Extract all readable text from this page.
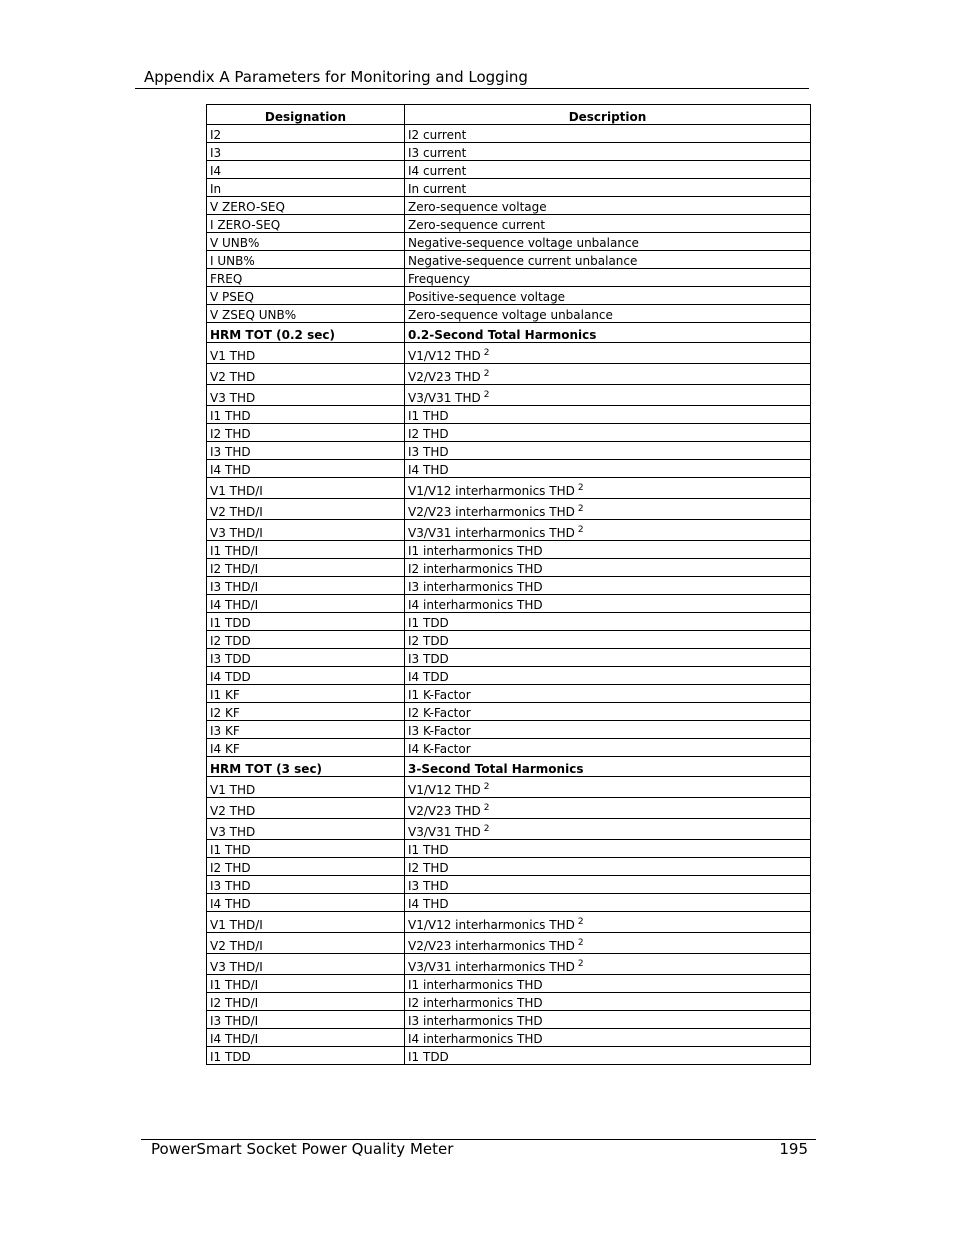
Appendix A Parameters for Monitoring and Logging
Designation	Description
I2	I2 current
I3	I3 current
I4	I4 current
In	In current
V ZERO-SEQ	Zero-sequence voltage
I ZERO-SEQ	Zero-sequence current
V UNB%	Negative-sequence voltage unbalance
I UNB%	Negative-sequence current unbalance
FREQ	Frequency
V PSEQ	Positive-sequence voltage
V ZSEQ UNB%	Zero-sequence voltage unbalance
HRM TOT (0.2 sec)	0.2-Second Total Harmonics
V1 THD	V1/V12 THD $^2$
V2 THD	V2/V23 THD $^2$
V3 THD	V3/V31 THD $^2$
I1 THD	I1 THD
I2 THD	I2 THD
I3 THD	I3 THD
I4 THD	I4 THD
V1 THD/I	V1/V12 interharmonics THD $^2$
V2 THD/I	V2/V23 interharmonics THD $^2$
V3 THD/I	V3/V31 interharmonics THD $^2$
I1 THD/I	I1 interharmonics THD
I2 THD/I	I2 interharmonics THD
I3 THD/I	I3 interharmonics THD
I4 THD/I	I4 interharmonics THD
I1 TDD	I1 TDD
I2 TDD	I2 TDD
I3 TDD	I3 TDD
I4 TDD	I4 TDD
I1 KF	I1 K-Factor
I2 KF	I2 K-Factor
I3 KF	I3 K-Factor
I4 KF	I4 K-Factor
HRM TOT (3 sec)	3-Second Total Harmonics
V1 THD	V1/V12 THD $^2$
V2 THD	V2/V23 THD $^2$
V3 THD	V3/V31 THD $^2$
I1 THD	I1 THD
I2 THD	I2 THD
I3 THD	I3 THD
I4 THD	I4 THD
V1 THD/I	V1/V12 interharmonics THD $^2$
V2 THD/I	V2/V23 interharmonics THD $^2$
V3 THD/I	V3/V31 interharmonics THD $^2$
I1 THD/I	I1 interharmonics THD
I2 THD/I	I2 interharmonics THD
I3 THD/I	I3 interharmonics THD
I4 THD/I	I4 interharmonics THD
I1 TDD	I1 TDD
PowerSmart Socket Power Quality Meter	195
